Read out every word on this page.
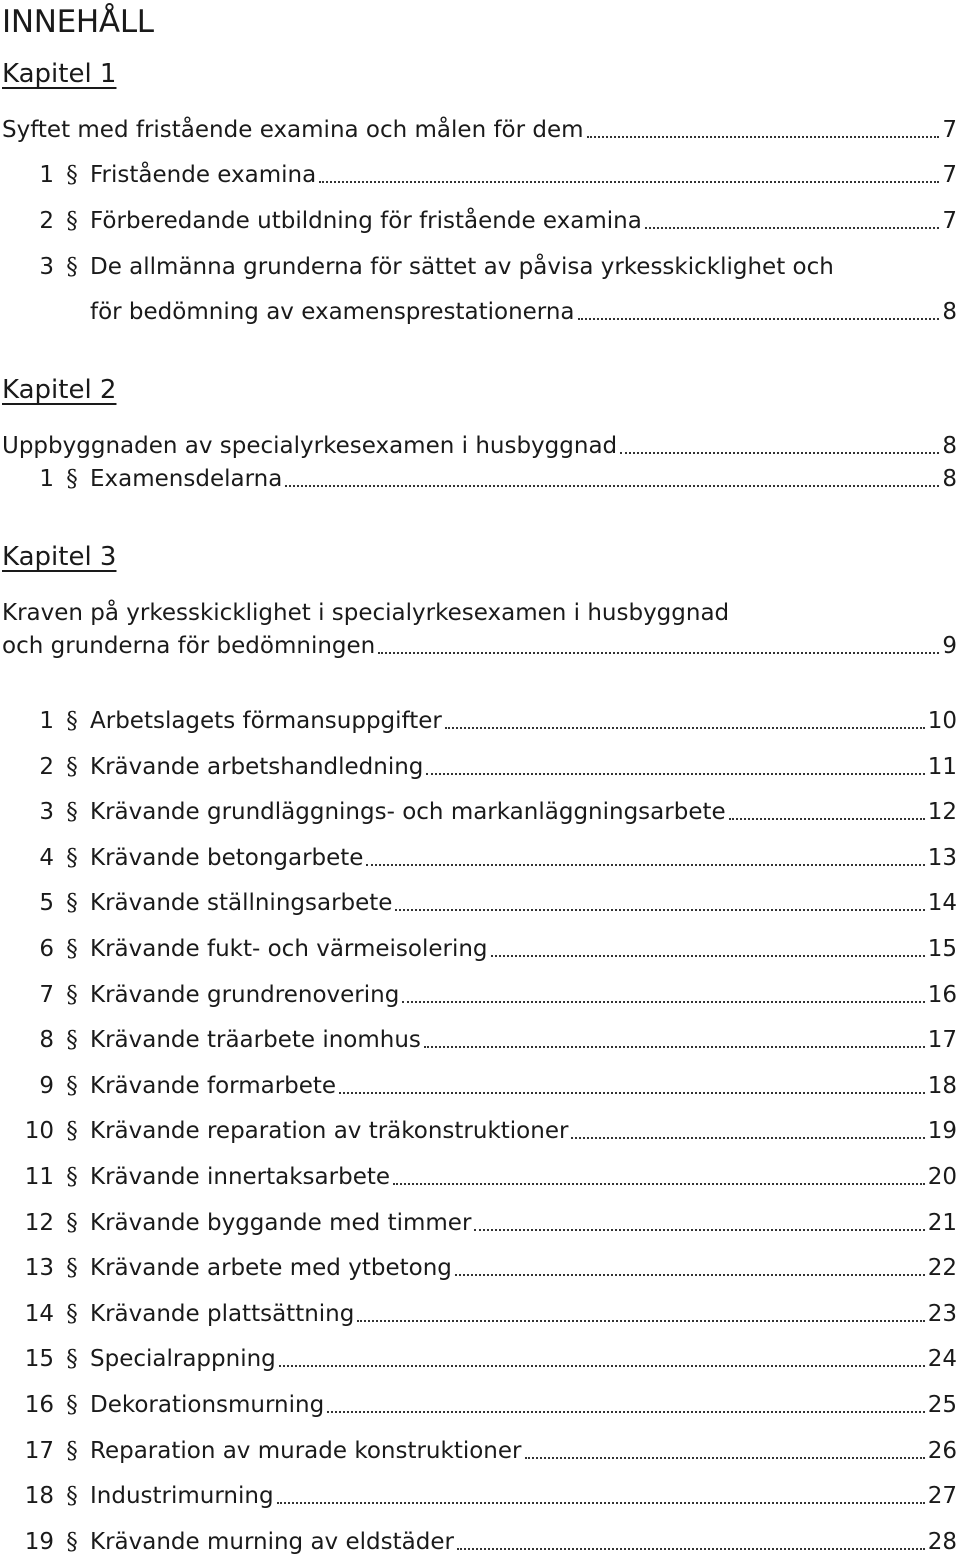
INNEHÅLL
Kapitel 1
Syftet med fristående examina och målen för dem	7
1 § Fristående examina	7
2 § Förberedande utbildning för fristående examina	7
3 § De allmänna grunderna för sättet av påvisa yrkesskicklighet och
för bedömning av examensprestationerna	8
Kapitel 2
Uppbyggnaden av specialyrkesexamen i husbyggnad	8
1 § Examensdelarna	8
Kapitel 3
Kraven på yrkesskicklighet i specialyrkesexamen i husbyggnad
och grunderna för bedömningen	9
1 § Arbetslagets förmansuppgifter	10
2 § Krävande arbetshandledning	11
3 § Krävande grundläggnings- och markanläggningsarbete	12
4 § Krävande betongarbete	13
5 § Krävande ställningsarbete	14
6 § Krävande fukt- och värmeisolering	15
7 § Krävande grundrenovering	16
8 § Krävande träarbete inomhus	17
9 § Krävande formarbete	18
10 § Krävande reparation av träkonstruktioner	19
11 § Krävande innertaksarbete	20
12 § Krävande byggande med timmer	21
13 § Krävande arbete med ytbetong	22
14 § Krävande plattsättning	23
15 § Specialrappning	24
16 § Dekorationsmurning	25
17 § Reparation av murade konstruktioner	26
18 § Industrimurning	27
19 § Krävande murning av eldstäder	28
